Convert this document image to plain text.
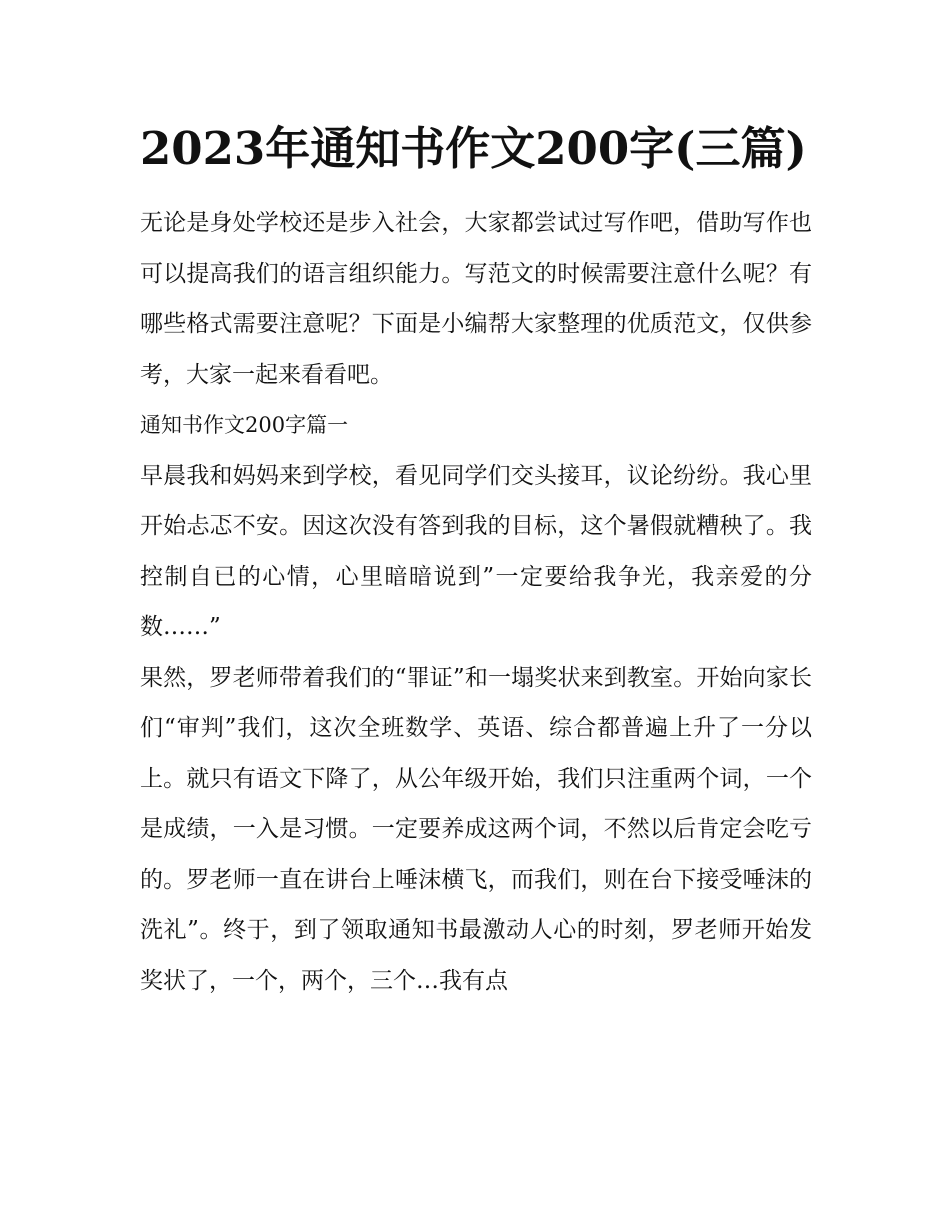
2023年通知书作文200字(三篇)

无论是身处学校还是步入社会，大家都尝试过写作吧，借助写作也可以提高我们的语言组织能力。写范文的时候需要注意什么呢？有哪些格式需要注意呢？下面是小编帮大家整理的优质范文，仅供参考，大家一起来看看吧。

通知书作文200字篇一

早晨我和妈妈来到学校，看见同学们交头接耳，议论纷纷。我心里开始忐忑不安。因这次没有答到我的目标，这个暑假就糟秧了。我控制自已的心情，心里暗暗说到”一定要给我争光，我亲爱的分数……”

果然，罗老师带着我们的“罪证”和一塌奖状来到教室。开始向家长们“审判”我们，这次全班数学、英语、综合都普遍上升了一分以上。就只有语文下降了，从公年级开始，我们只注重两个词，一个是成绩，一入是习惯。一定要养成这两个词，不然以后肯定会吃亏的。罗老师一直在讲台上唾沫横飞，而我们，则在台下接受唾沫的洗礼”。终于，到了领取通知书最激动人心的时刻，罗老师开始发奖状了，一个，两个，三个…我有点
